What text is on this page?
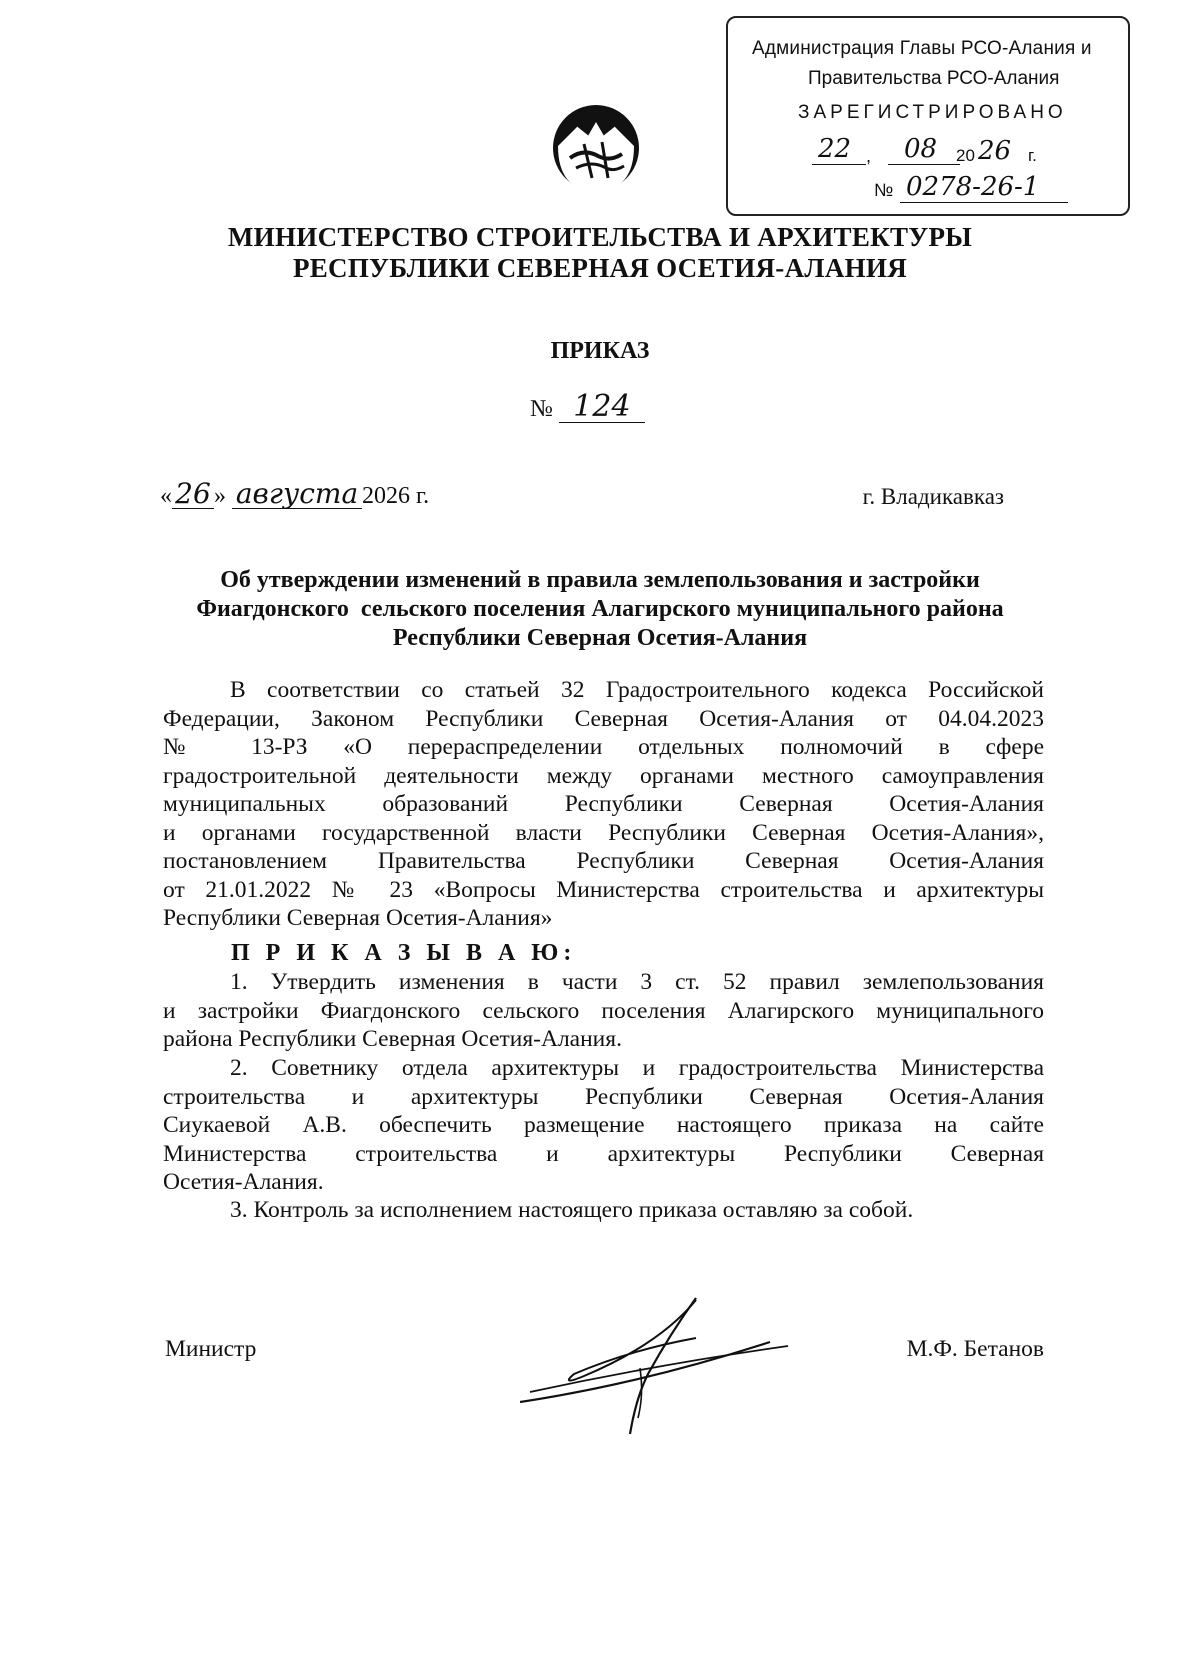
Администрация Главы РСО-Алания и
Правительства РСО-Алания
ЗАРЕГИСТРИРОВАНО
22 , 08 20 26 г.
№ 0278-26-1
МИНИСТЕРСТВО СТРОИТЕЛЬСТВА И АРХИТЕКТУРЫ
РЕСПУБЛИКИ СЕВЕРНАЯ ОСЕТИЯ-АЛАНИЯ
ПРИКАЗ
№ 124
« 26 » августа 2026 г.	г. Владикавказ
Об утверждении изменений в правила землепользования и застройки
Фиагдонского  сельского поселения Алагирского муниципального района
Республики Северная Осетия-Алания
В соответствии со статьей 32 Градостроительного кодекса Российской
Федерации, Законом Республики Северная Осетия-Алания от 04.04.2023
№ 13-РЗ «О перераспределении отдельных полномочий в сфере
градостроительной деятельности между органами местного самоуправления
муниципальных образований Республики Северная Осетия-Алания
и органами государственной власти Республики Северная Осетия-Алания»,
постановлением Правительства Республики Северная Осетия-Алания
от 21.01.2022 № 23 «Вопросы Министерства строительства и архитектуры
Республики Северная Осетия-Алания»
П Р И К А З Ы В А Ю:
1. Утвердить изменения в части 3 ст. 52 правил землепользования
и застройки Фиагдонского сельского поселения Алагирского муниципального
района Республики Северная Осетия-Алания.
2. Советнику отдела архитектуры и градостроительства Министерства
строительства и архитектуры Республики Северная Осетия-Алания
Сиукаевой А.В. обеспечить размещение настоящего приказа на сайте
Министерства строительства и архитектуры Республики Северная
Осетия-Алания.
3. Контроль за исполнением настоящего приказа оставляю за собой.
Министр	М.Ф. Бетанов
